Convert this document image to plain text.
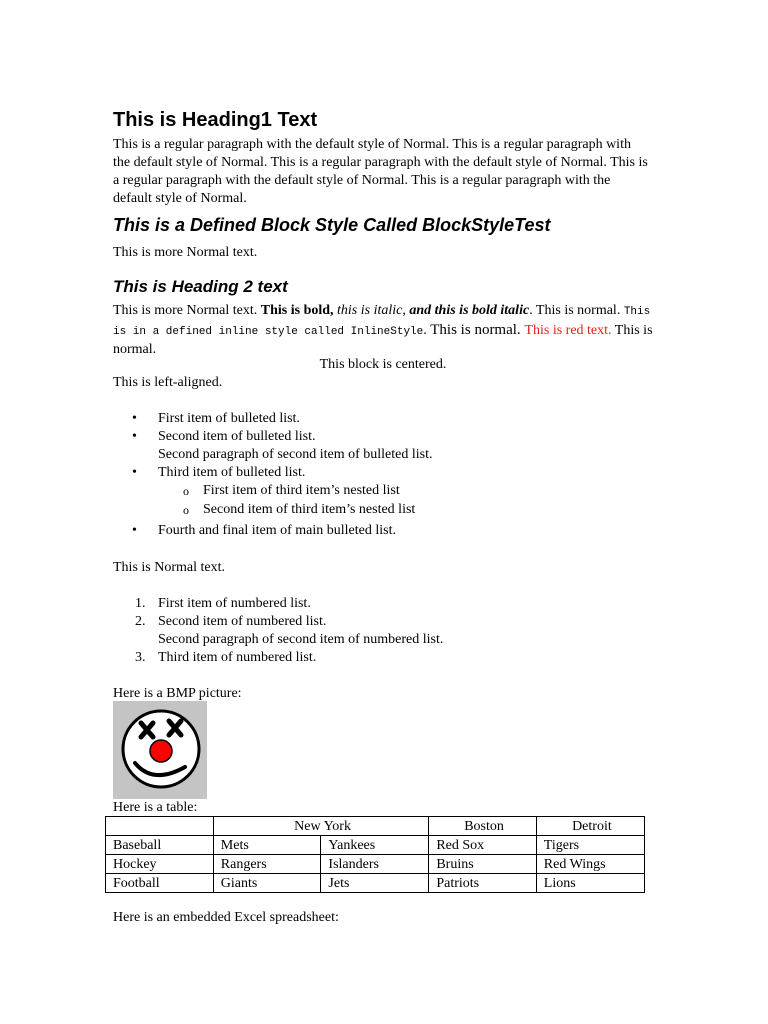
This is Heading1 Text

This is a regular paragraph with the default style of Normal. This is a regular paragraph with the default style of Normal. This is a regular paragraph with the default style of Normal. This is a regular paragraph with the default style of Normal. This is a regular paragraph with the default style of Normal.

This is a Defined Block Style Called BlockStyleTest

This is more Normal text.

This is Heading 2 text

This is more Normal text. This is bold, this is italic, and this is bold italic. This is normal. This is in a defined inline style called InlineStyle. This is normal. This is red text. This is normal.

This block is centered.

This is left-aligned.

• First item of bulleted list.
• Second item of bulleted list.
Second paragraph of second item of bulleted list.
• Third item of bulleted list.
o First item of third item’s nested list
o Second item of third item’s nested list
• Fourth and final item of main bulleted list.

This is Normal text.

1. First item of numbered list.
2. Second item of numbered list.
Second paragraph of second item of numbered list.
3. Third item of numbered list.

Here is a BMP picture:

Here is a table:

	New York		Boston	Detroit
Baseball	Mets	Yankees	Red Sox	Tigers
Hockey	Rangers	Islanders	Bruins	Red Wings
Football	Giants	Jets	Patriots	Lions

Here is an embedded Excel spreadsheet:
